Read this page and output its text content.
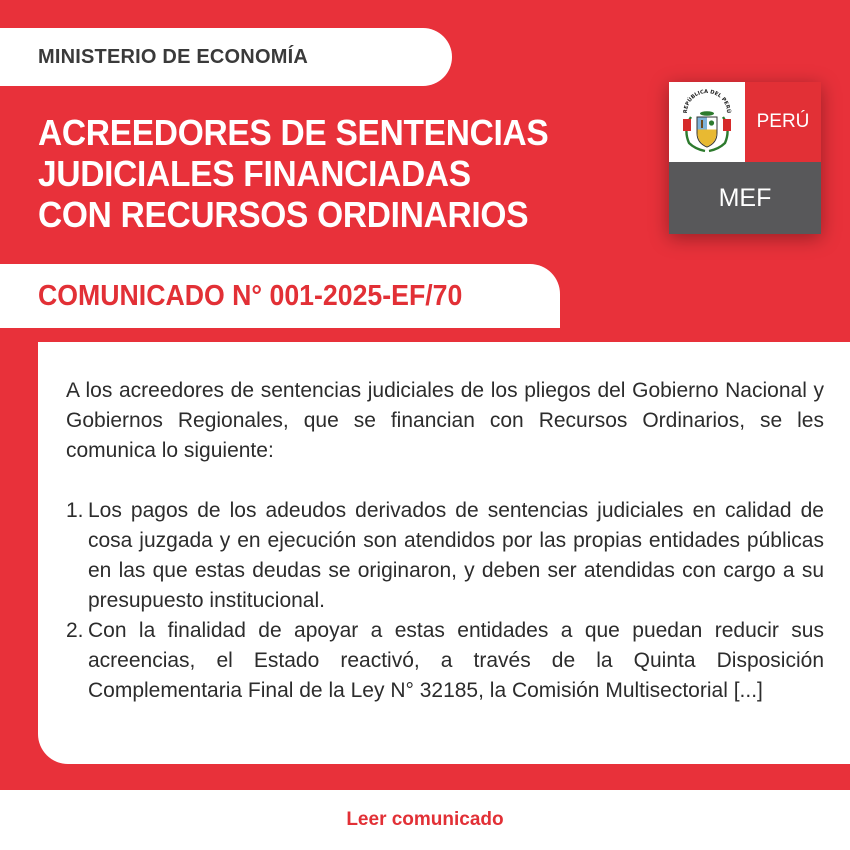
MINISTERIO DE ECONOMÍA
ACREEDORES DE SENTENCIAS
JUDICIALES FINANCIADAS
CON RECURSOS ORDINARIOS
REPÚBLICA DEL PERÚ	PERÚ
MEF
COMUNICADO N° 001-2025-EF/70

A los acreedores de sentencias judiciales de los pliegos del Gobierno Nacional y Gobiernos Regionales, que se financian con Recursos Ordinarios, se les comunica lo siguiente:

1. Los pagos de los adeudos derivados de sentencias judiciales en calidad de cosa juzgada y en ejecución son atendidos por las propias entidades públicas en las que estas deudas se originaron, y deben ser atendidas con cargo a su presupuesto institucional.

2. Con la finalidad de apoyar a estas entidades a que puedan reducir sus acreencias, el Estado reactivó, a través de la Quinta Disposición Complementaria Final de la Ley N° 32185, la Comisión Multisectorial [...]

Leer comunicado
